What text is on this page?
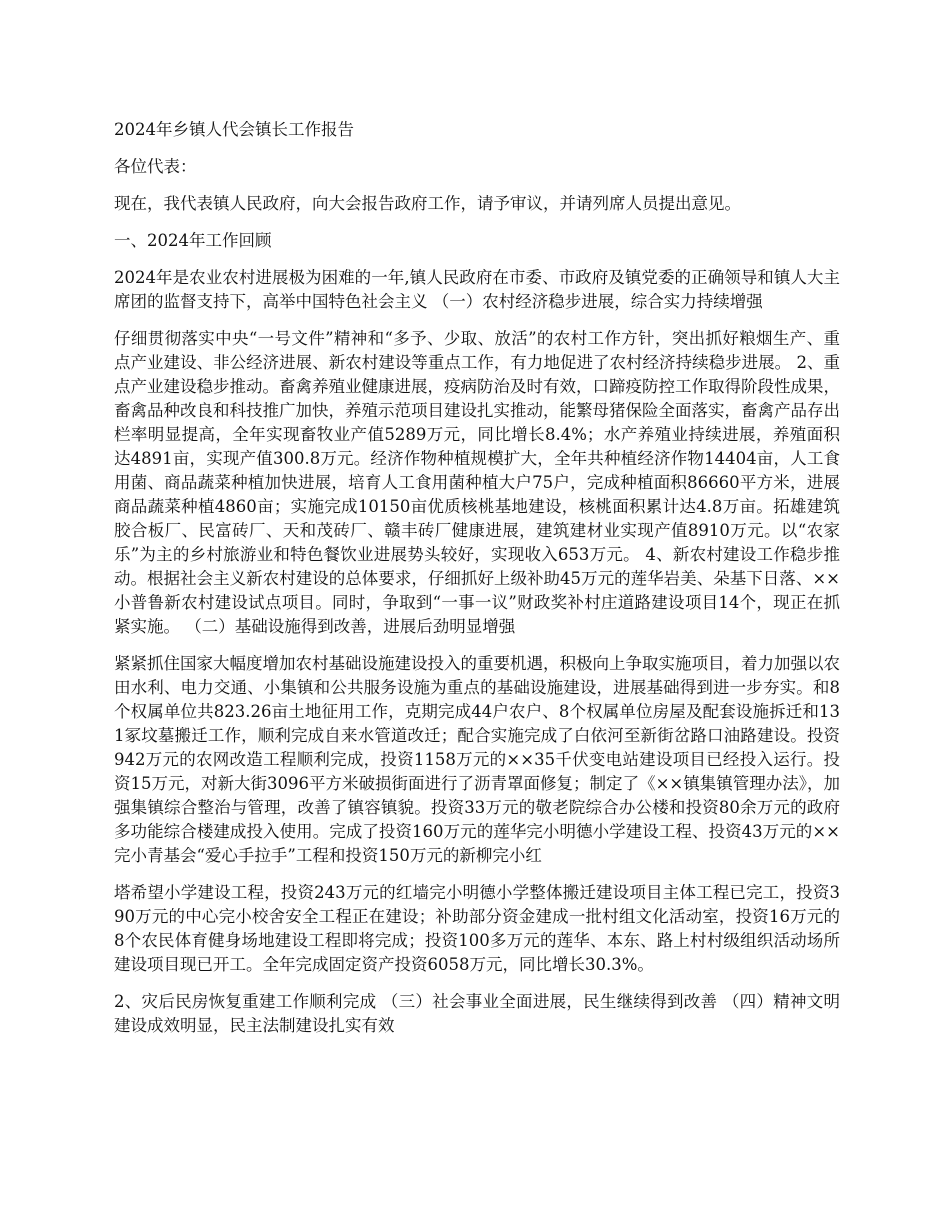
2024年乡镇人代会镇长工作报告
各位代表：
现在，我代表镇人民政府，向大会报告政府工作，请予审议，并请列席人员提出意见。
一、2024年工作回顾
2024年是农业农村进展极为困难的一年,镇人民政府在市委、市政府及镇党委的正确领导和镇人大主席团的监督支持下，高举中国特色社会主义 （一）农村经济稳步进展，综合实力持续增强
仔细贯彻落实中央“一号文件”精神和“多予、少取、放活”的农村工作方针，突出抓好粮烟生产、重点产业建设、非公经济进展、新农村建设等重点工作，有力地促进了农村经济持续稳步进展。 2、重点产业建设稳步推动。畜禽养殖业健康进展，疫病防治及时有效，口蹄疫防控工作取得阶段性成果，畜禽品种改良和科技推广加快，养殖示范项目建设扎实推动，能繁母猪保险全面落实，畜禽产品存出栏率明显提高，全年实现畜牧业产值5289万元，同比增长8.4%；水产养殖业持续进展，养殖面积达4891亩，实现产值300.8万元。经济作物种植规模扩大，全年共种植经济作物14404亩，人工食用菌、商品蔬菜种植加快进展，培育人工食用菌种植大户75户，完成种植面积86660平方米，进展商品蔬菜种植4860亩；实施完成10150亩优质核桃基地建设，核桃面积累计达4.8万亩。拓雄建筑胶合板厂、民富砖厂、天和茂砖厂、赣丰砖厂健康进展，建筑建材业实现产值8910万元。以“农家乐”为主的乡村旅游业和特色餐饮业进展势头较好，实现收入653万元。 4、新农村建设工作稳步推动。根据社会主义新农村建设的总体要求，仔细抓好上级补助45万元的莲华岩美、朵基下日落、××小普鲁新农村建设试点项目。同时，争取到“一事一议”财政奖补村庄道路建设项目14个，现正在抓紧实施。 （二）基础设施得到改善，进展后劲明显增强
紧紧抓住国家大幅度增加农村基础设施建设投入的重要机遇，积极向上争取实施项目，着力加强以农田水利、电力交通、小集镇和公共服务设施为重点的基础设施建设，进展基础得到进一步夯实。和8个权属单位共823.26亩土地征用工作，克期完成44户农户、8个权属单位房屋及配套设施拆迁和131冢坟墓搬迁工作，顺利完成自来水管道改迁；配合实施完成了白依河至新街岔路口油路建设。投资942万元的农网改造工程顺利完成，投资1158万元的××35千伏变电站建设项目已经投入运行。投资15万元，对新大街3096平方米破损街面进行了沥青罩面修复；制定了《××镇集镇管理办法》，加强集镇综合整治与管理，改善了镇容镇貌。投资33万元的敬老院综合办公楼和投资80余万元的政府多功能综合楼建成投入使用。完成了投资160万元的莲华完小明德小学建设工程、投资43万元的××完小青基会“爱心手拉手”工程和投资150万元的新柳完小红
塔希望小学建设工程，投资243万元的红墙完小明德小学整体搬迁建设项目主体工程已完工，投资390万元的中心完小校舍安全工程正在建设；补助部分资金建成一批村组文化活动室，投资16万元的8个农民体育健身场地建设工程即将完成；投资100多万元的莲华、本东、路上村村级组织活动场所建设项目现已开工。全年完成固定资产投资6058万元，同比增长30.3%。
2、灾后民房恢复重建工作顺利完成 （三）社会事业全面进展，民生继续得到改善 （四）精神文明建设成效明显，民主法制建设扎实有效
